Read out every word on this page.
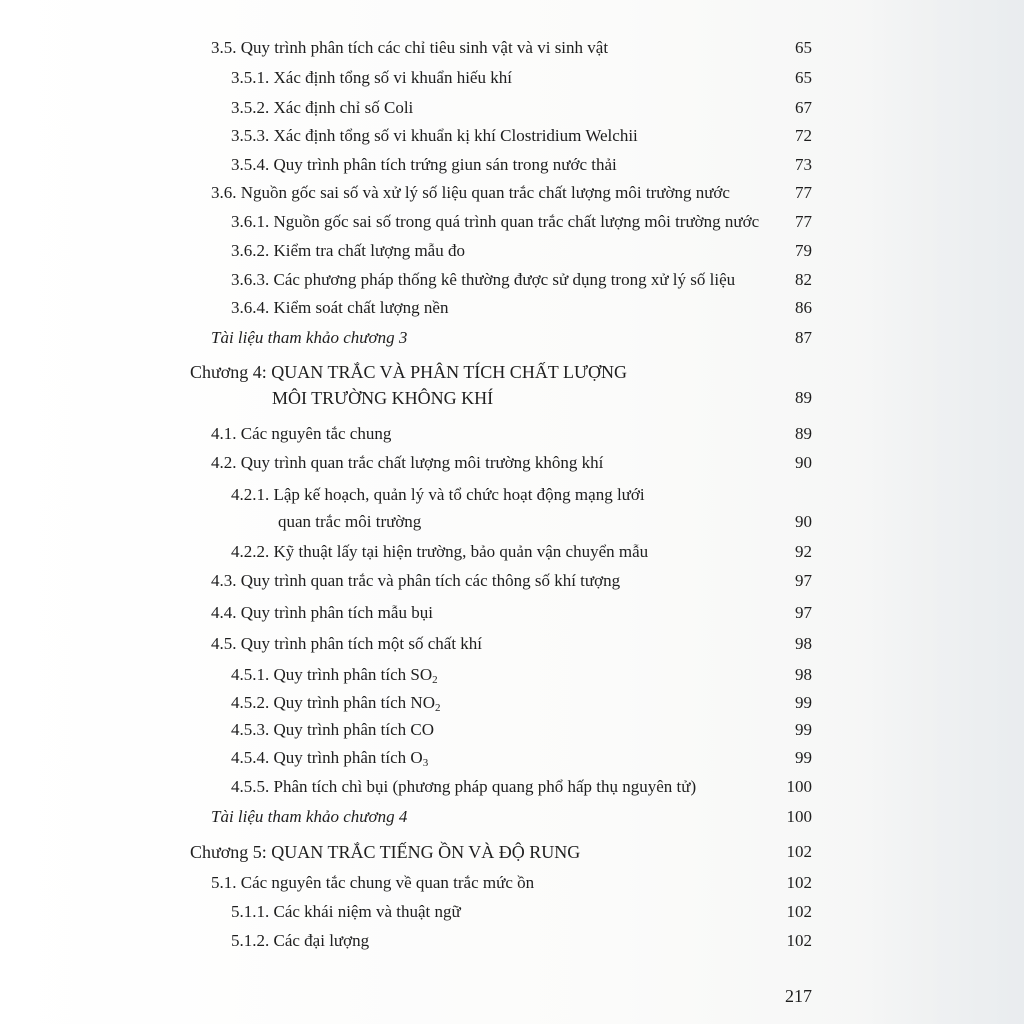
3.5. Quy trình phân tích các chỉ tiêu sinh vật và vi sinh vật	65
3.5.1. Xác định tổng số vi khuẩn hiếu khí	65
3.5.2. Xác định chỉ số Coli	67
3.5.3. Xác định tổng số vi khuẩn kị khí Clostridium Welchii	72
3.5.4. Quy trình phân tích trứng giun sán trong nước thải	73
3.6. Nguồn gốc sai số và xử lý số liệu quan trắc chất lượng môi trường nước	77
3.6.1. Nguồn gốc sai số trong quá trình quan trắc chất lượng môi trường nước 77
3.6.2. Kiểm tra chất lượng mẫu đo	79
3.6.3. Các phương pháp thống kê thường được sử dụng trong xử lý số liệu	82
3.6.4. Kiểm soát chất lượng nền	86
Tài liệu tham khảo chương 3	87
Chương 4: QUAN TRẮC VÀ PHÂN TÍCH CHẤT LƯỢNG
MÔI TRƯỜNG KHÔNG KHÍ	89
4.1. Các nguyên tắc chung	89
4.2. Quy trình quan trắc chất lượng môi trường không khí	90
4.2.1. Lập kế hoạch, quản lý và tổ chức hoạt động mạng lưới
quan trắc môi trường	90
4.2.2. Kỹ thuật lấy tại hiện trường, bảo quản vận chuyển mẫu	92
4.3. Quy trình quan trắc và phân tích các thông số khí tượng	97
4.4. Quy trình phân tích mẫu bụi	97
4.5. Quy trình phân tích một số chất khí	98
4.5.1. Quy trình phân tích $SO_2$	98
4.5.2. Quy trình phân tích $NO_2$	99
4.5.3. Quy trình phân tích CO	99
4.5.4. Quy trình phân tích $O_3$	99
4.5.5. Phân tích chì bụi (phương pháp quang phổ hấp thụ nguyên tử)	100
Tài liệu tham khảo chương 4	100
Chương 5: QUAN TRẮC TIẾNG ỒN VÀ ĐỘ RUNG	102
5.1. Các nguyên tắc chung về quan trắc mức ồn	102
5.1.1. Các khái niệm và thuật ngữ	102
5.1.2. Các đại lượng	102
217
